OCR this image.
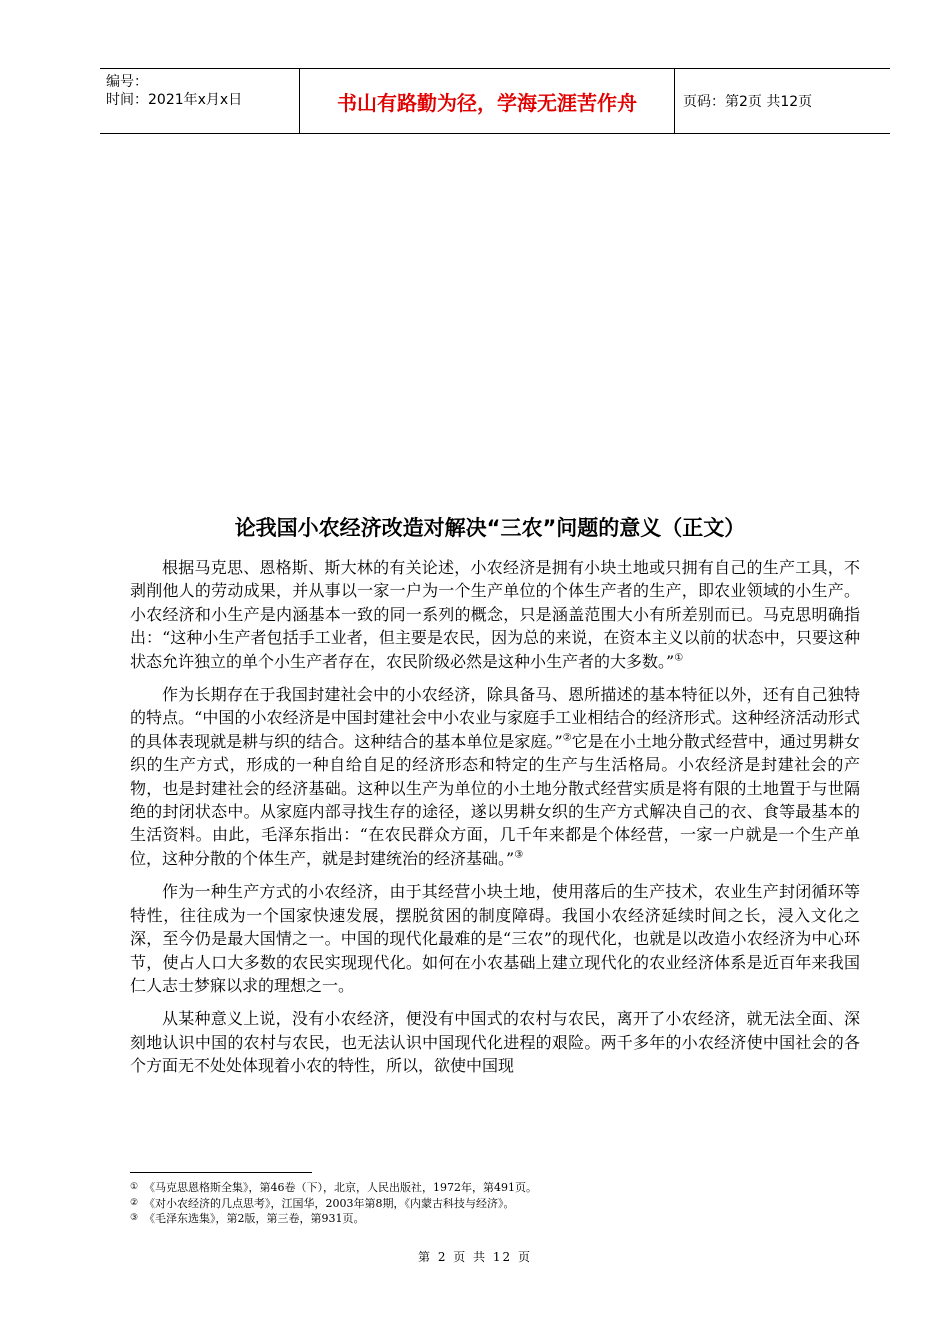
编号：
时间：2021年x月x日	书山有路勤为径，学海无涯苦作舟	页码：第2页 共12页
论我国小农经济改造对解决“三农”问题的意义（正文）

根据马克思、恩格斯、斯大林的有关论述，小农经济是拥有小块土地或只拥有自己的生产工具，不剥削他人的劳动成果，并从事以一家一户为一个生产单位的个体生产者的生产，即农业领域的小生产。小农经济和小生产是内涵基本一致的同一系列的概念，只是涵盖范围大小有所差别而已。马克思明确指出：“这种小生产者包括手工业者，但主要是农民，因为总的来说，在资本主义以前的状态中，只要这种状态允许独立的单个小生产者存在，农民阶级必然是这种小生产者的大多数。”①

作为长期存在于我国封建社会中的小农经济，除具备马、恩所描述的基本特征以外，还有自己独特的特点。“中国的小农经济是中国封建社会中小农业与家庭手工业相结合的经济形式。这种经济活动形式的具体表现就是耕与织的结合。这种结合的基本单位是家庭。”②它是在小土地分散式经营中，通过男耕女织的生产方式，形成的一种自给自足的经济形态和特定的生产与生活格局。小农经济是封建社会的产物，也是封建社会的经济基础。这种以生产为单位的小土地分散式经营实质是将有限的土地置于与世隔绝的封闭状态中。从家庭内部寻找生存的途径，遂以男耕女织的生产方式解决自己的衣、食等最基本的生活资料。由此，毛泽东指出：“在农民群众方面，几千年来都是个体经营，一家一户就是一个生产单位，这种分散的个体生产，就是封建统治的经济基础。”③

作为一种生产方式的小农经济，由于其经营小块土地，使用落后的生产技术，农业生产封闭循环等特性，往往成为一个国家快速发展，摆脱贫困的制度障碍。我国小农经济延续时间之长，浸入文化之深，至今仍是最大国情之一。中国的现代化最难的是“三农”的现代化，也就是以改造小农经济为中心环节，使占人口大多数的农民实现现代化。如何在小农基础上建立现代化的农业经济体系是近百年来我国仁人志士梦寐以求的理想之一。

从某种意义上说，没有小农经济，便没有中国式的农村与农民，离开了小农经济，就无法全面、深刻地认识中国的农村与农民，也无法认识中国现代化进程的艰险。两千多年的小农经济使中国社会的各个方面无不处处体现着小农的特性，所以，欲使中国现

① 《马克思恩格斯全集》，第46卷（下），北京，人民出版社，1972年，第491页。
② 《对小农经济的几点思考》，江国华，2003年第8期，《内蒙古科技与经济》。
③ 《毛泽东选集》，第2版，第三卷，第931页。
第 2 页 共 12 页
